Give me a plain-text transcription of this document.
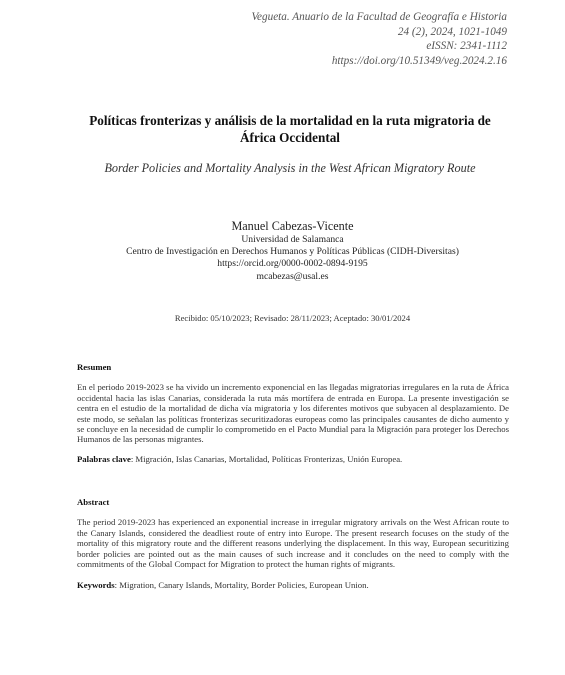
Vegueta. Anuario de la Facultad de Geografía e Historia
24 (2), 2024, 1021-1049
eISSN: 2341-1112
https://doi.org/10.51349/veg.2024.2.16
Políticas fronterizas y análisis de la mortalidad en la ruta migratoria de África Occidental
Border Policies and Mortality Analysis in the West African Migratory Route
Manuel Cabezas-Vicente
Universidad de Salamanca
Centro de Investigación en Derechos Humanos y Políticas Públicas (CIDH-Diversitas)
https://orcid.org/0000-0002-0894-9195
mcabezas@usal.es
Recibido: 05/10/2023; Revisado: 28/11/2023; Aceptado: 30/01/2024
Resumen

En el periodo 2019-2023 se ha vivido un incremento exponencial en las llegadas migratorias irregulares en la ruta de África occidental hacia las islas Canarias, considerada la ruta más mortífera de entrada en Europa. La presente investigación se centra en el estudio de la mortalidad de dicha vía migratoria y los diferentes motivos que subyacen al desplazamiento. De este modo, se señalan las políticas fronterizas securitizadoras europeas como las principales causantes de dicho aumento y se concluye en la necesidad de cumplir lo comprometido en el Pacto Mundial para la Migración para proteger los Derechos Humanos de las personas migrantes.

Palabras clave: Migración, Islas Canarias, Mortalidad, Políticas Fronterizas, Unión Europea.

Abstract

The period 2019-2023 has experienced an exponential increase in irregular migratory arrivals on the West African route to the Canary Islands, considered the deadliest route of entry into Europe. The present research focuses on the study of the mortality of this migratory route and the different reasons underlying the displacement. In this way, European securitizing border policies are pointed out as the main causes of such increase and it concludes on the need to comply with the commitments of the Global Compact for Migration to protect the human rights of migrants.

Keywords: Migration, Canary Islands, Mortality, Border Policies, European Union.
